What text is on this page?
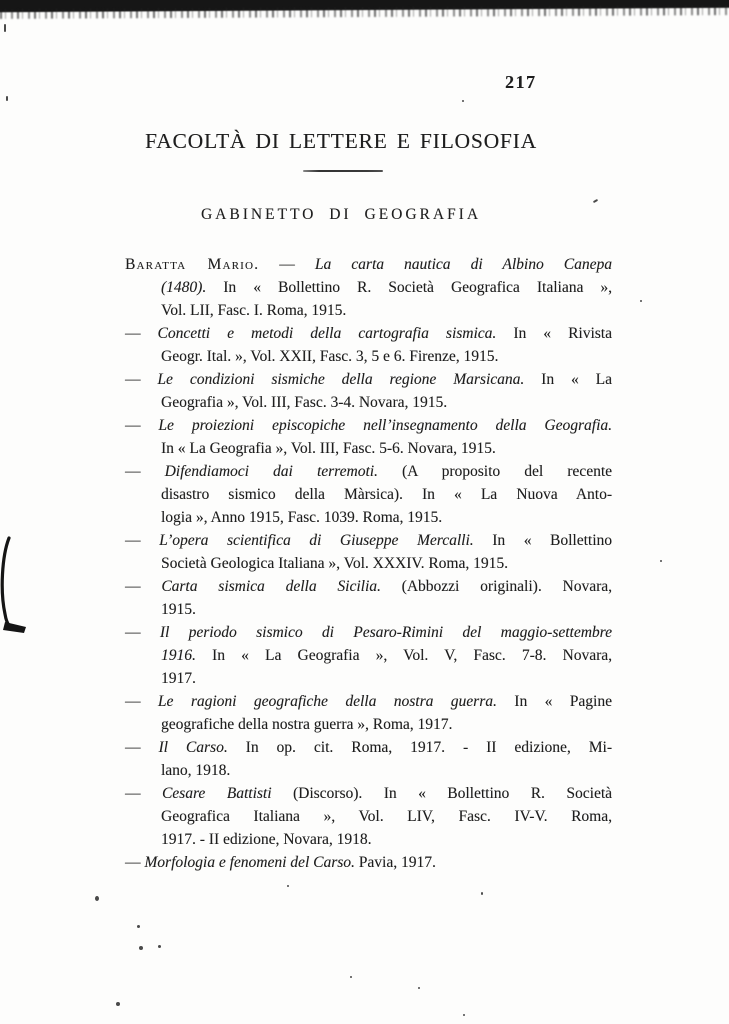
217
FACOLTÀ DI LETTERE E FILOSOFIA
GABINETTO DI GEOGRAFIA
Baratta Mario. — La carta nautica di Albino Canepa
(1480). In « Bollettino R. Società Geografica Italiana »,
Vol. LII, Fasc. I. Roma, 1915.
— Concetti e metodi della cartografia sismica. In « Rivista
Geogr. Ital. », Vol. XXII, Fasc. 3, 5 e 6. Firenze, 1915.
— Le condizioni sismiche della regione Marsicana. In « La
Geografia », Vol. III, Fasc. 3-4. Novara, 1915.
— Le proiezioni episcopiche nell’insegnamento della Geografia.
In « La Geografia », Vol. III, Fasc. 5-6. Novara, 1915.
— Difendiamoci dai terremoti. (A proposito del recente
disastro sismico della Màrsica). In « La Nuova Anto-
logia », Anno 1915, Fasc. 1039. Roma, 1915.
— L’opera scientifica di Giuseppe Mercalli. In « Bollettino
Società Geologica Italiana », Vol. XXXIV. Roma, 1915.
— Carta sismica della Sicilia. (Abbozzi originali). Novara,
1915.
— Il periodo sismico di Pesaro-Rimini del maggio-settembre
1916. In « La Geografia », Vol. V, Fasc. 7-8. Novara,
1917.
— Le ragioni geografiche della nostra guerra. In « Pagine
geografiche della nostra guerra », Roma, 1917.
— Il Carso. In op. cit. Roma, 1917. - II edizione, Mi-
lano, 1918.
— Cesare Battisti (Discorso). In « Bollettino R. Società
Geografica Italiana », Vol. LIV, Fasc. IV-V. Roma,
1917. - II edizione, Novara, 1918.
— Morfologia e fenomeni del Carso. Pavia, 1917.
